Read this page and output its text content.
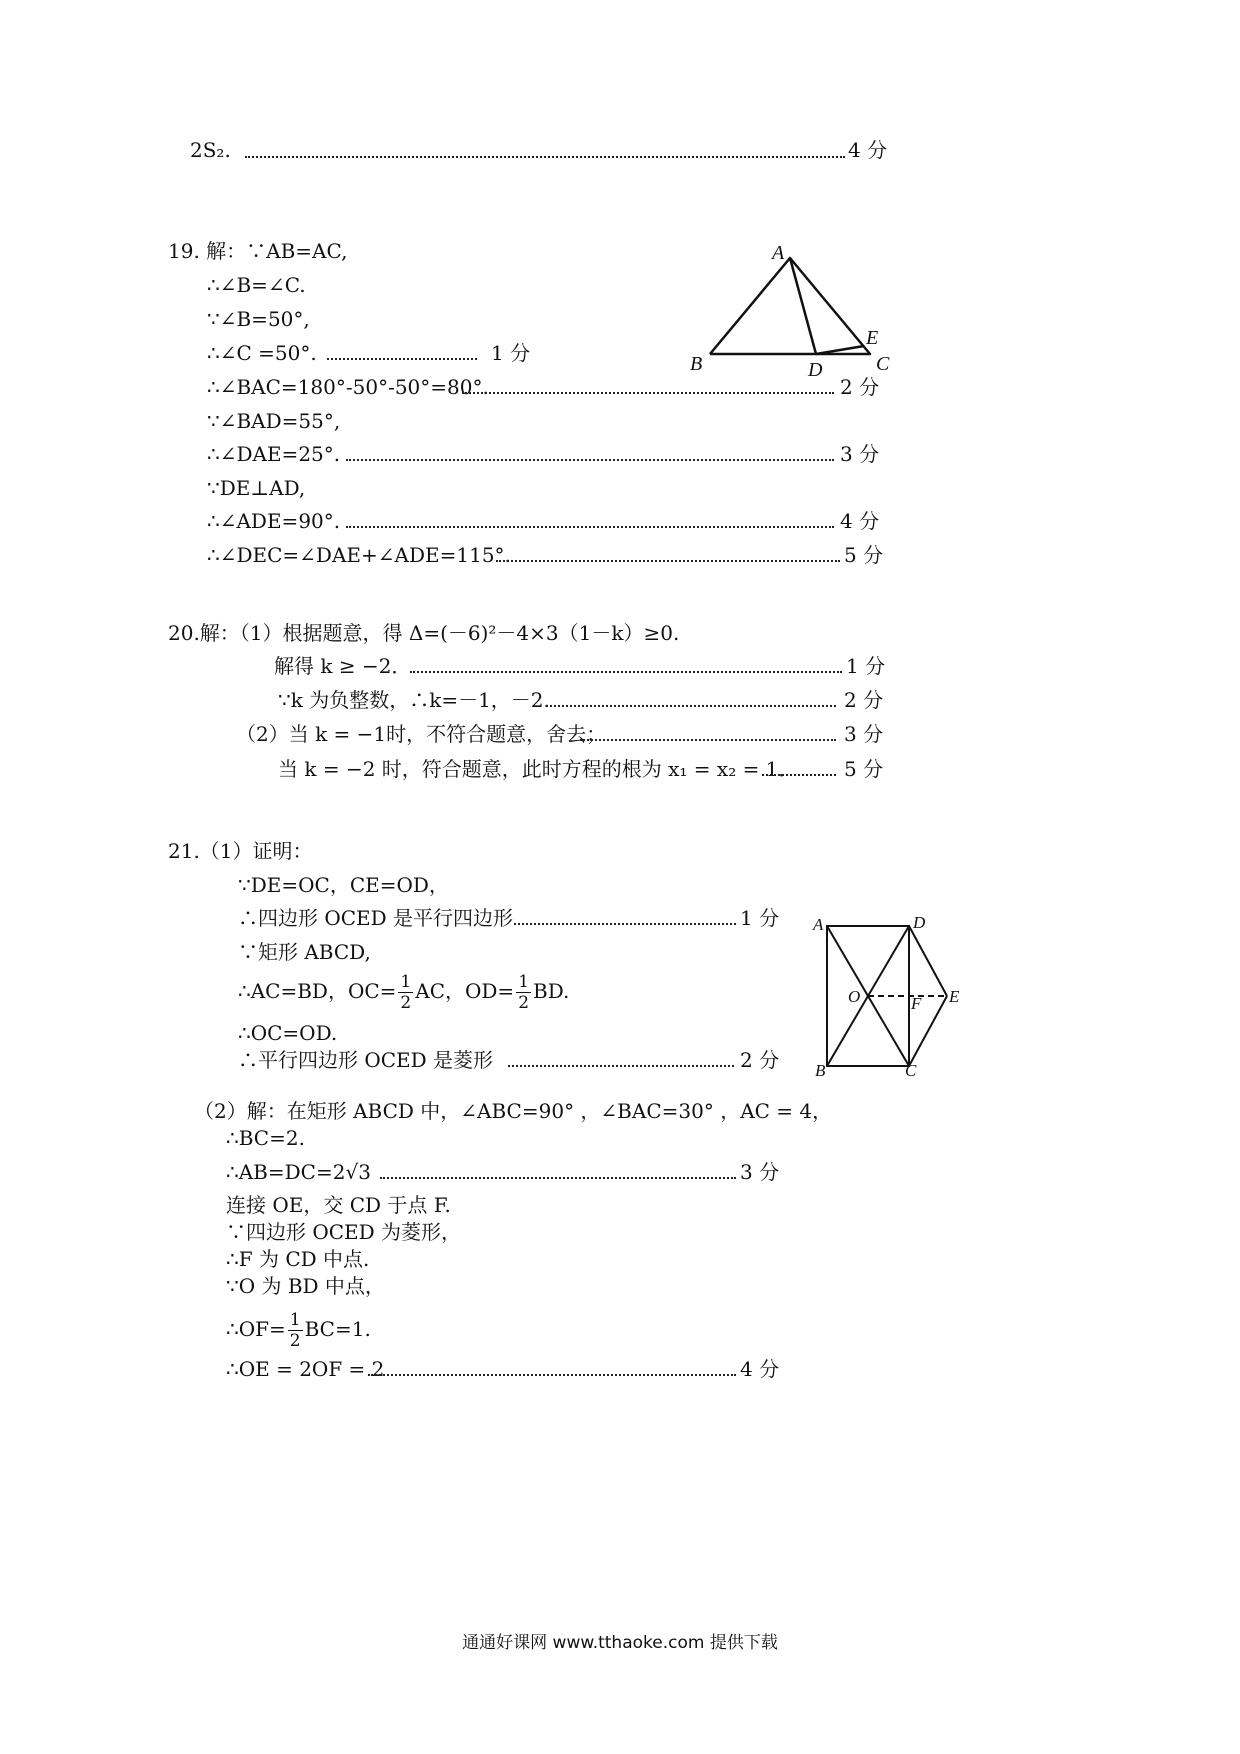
2S₂.	4 分
19. 解：∵AB=AC,
∴∠B=∠C.
∵∠B=50°,
∴∠C =50°.	1 分
∴∠BAC=180°-50°-50°=80°.	2 分
∵∠BAD=55°,
∴∠DAE=25°.	3 分
∵DE⊥AD,
∴∠ADE=90°.	4 分
∴∠DEC=∠DAE+∠ADE=115°.	5 分
A
B	C
D
E
20.解：（1）根据题意，得 Δ=(－6)²－4×3（1－k）≥0.
解得 k ≥ −2．	1 分
∵k 为负整数，∴k=－1，－2.	2 分
（2）当 k = −1时，不符合题意，舍去；	3 分
当 k = −2 时，符合题意，此时方程的根为 x₁ = x₂ = 1． 5 分
21.（1）证明：
∵DE=OC，CE=OD，
∴四边形 OCED 是平行四边形	1 分
∵矩形 ABCD,
∴AC=BD，$OC= \frac{1}{2}$ AC，$OD= \frac{1}{2}$ BD.
∴OC=OD.
∴平行四边形 OCED 是菱形	2 分
A
B	C
D
E
F
O
（2）解：在矩形 ABCD 中，∠ABC=90° ，∠BAC=30° ，AC = 4，
∴BC=2.
∴AB=DC=2√3	3 分
连接 OE，交 CD 于点 F.
∵四边形 OCED 为菱形，
∴F 为 CD 中点.
∵O 为 BD 中点，
∴OF= $\frac{1}{2} BC=1$.
∴OE = 2OF = 2	4 分
通通好课网 www.tthaoke.com 提供下载
